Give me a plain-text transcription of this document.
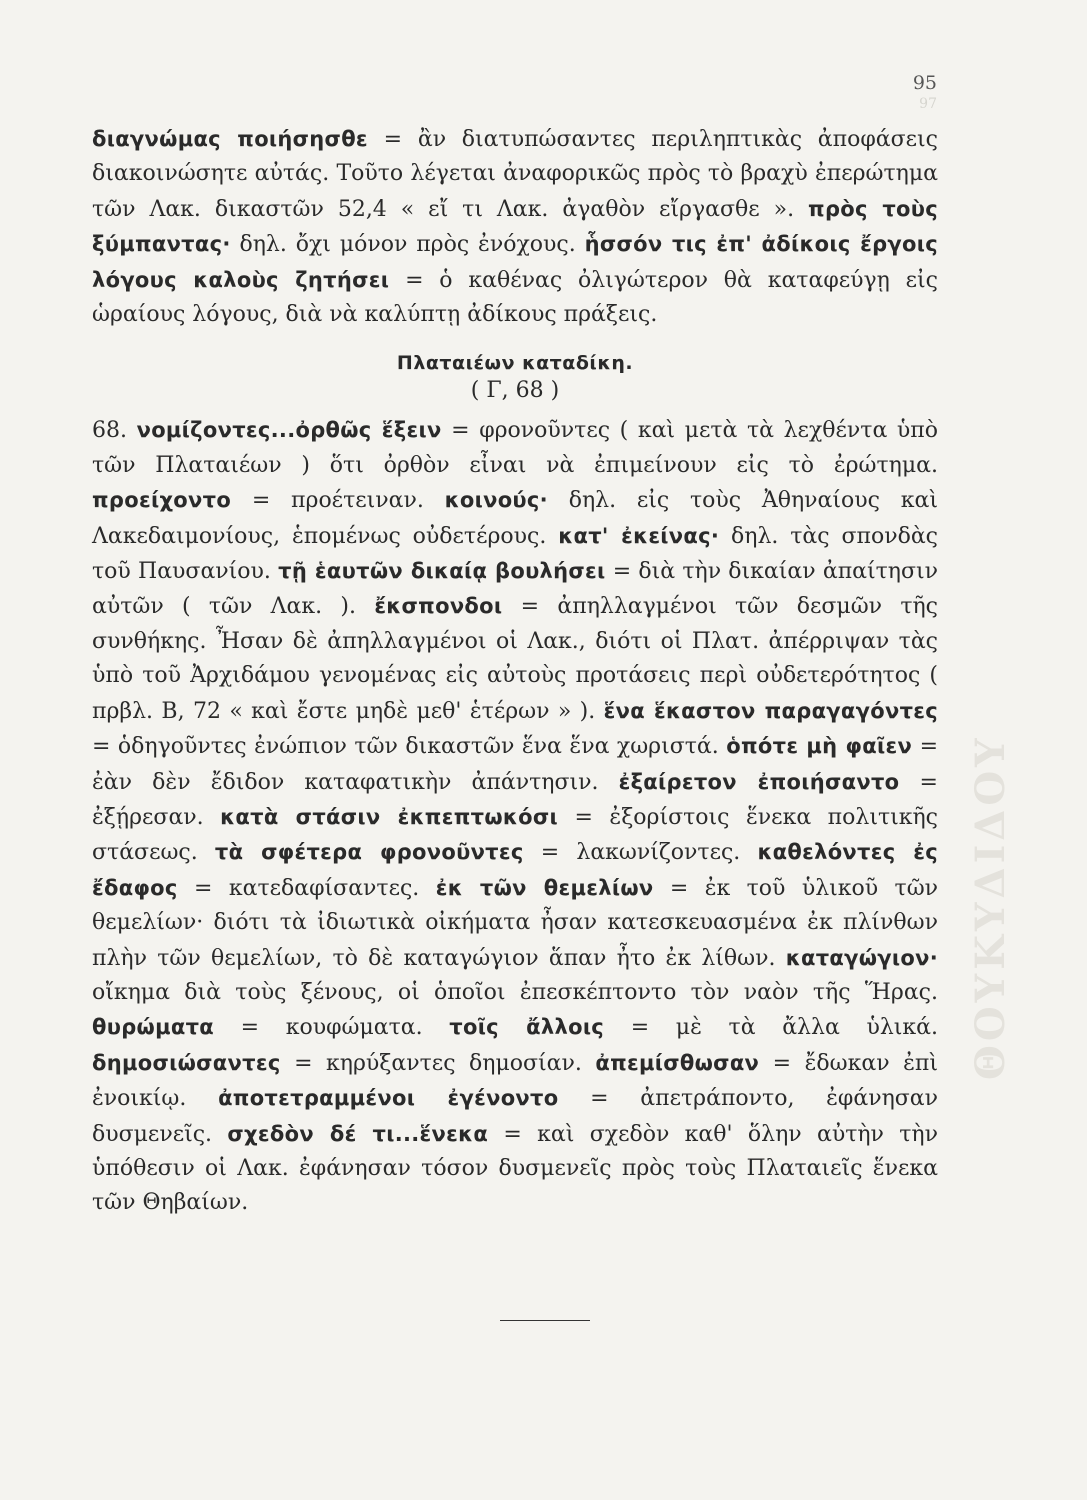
95
97
ΘΟΥΚΥΔΙΔΟΥ

διαγνώμας ποιήσησθε = ἂν διατυπώσαντες περιληπτικὰς ἀποφάσεις διακοινώσητε αὐτάς. Τοῦτο λέγεται ἀναφορικῶς πρὸς τὸ βραχὺ ἐπερώτημα τῶν Λακ. δικαστῶν 52,4 « εἴ τι Λακ. ἀγαθὸν εἴργασθε ». πρὸς τοὺς ξύμπαντας· δηλ. ὄχι μόνον πρὸς ἐνόχους. ἧσσόν τις ἐπ' ἀδίκοις ἔργοις λόγους καλοὺς ζητήσει = ὁ καθένας ὀλιγώτερον θὰ καταφεύγῃ εἰς ὡραίους λόγους, διὰ νὰ καλύπτῃ ἀδίκους πράξεις.

Πλαταιέων καταδίκη.
( Γ, 68 )

68. νομίζοντες...ὀρθῶς ἕξειν = φρονοῦντες ( καὶ μετὰ τὰ λεχθέντα ὑπὸ τῶν Πλαταιέων ) ὅτι ὀρθὸν εἶναι νὰ ἐπιμείνουν εἰς τὸ ἐρώτημα. προείχοντο = προέτειναν. κοινούς· δηλ. εἰς τοὺς Ἀθηναίους καὶ Λακεδαιμονίους, ἑπομένως οὐδετέρους. κατ' ἐκείνας· δηλ. τὰς σπονδὰς τοῦ Παυσανίου. τῇ ἑαυτῶν δικαίᾳ βουλήσει = διὰ τὴν δικαίαν ἀπαίτησιν αὐτῶν ( τῶν Λακ. ). ἔκσπονδοι = ἀπηλλαγμένοι τῶν δεσμῶν τῆς συνθήκης. Ἦσαν δὲ ἀπηλλαγμένοι οἱ Λακ., διότι οἱ Πλατ. ἀπέρριψαν τὰς ὑπὸ τοῦ Ἀρχιδάμου γενομένας εἰς αὐτοὺς προτάσεις περὶ οὐδετερότητος ( πρβλ. Β, 72 « καὶ ἔστε μηδὲ μεθ' ἑτέρων » ). ἕνα ἕκαστον παραγαγόντες = ὁδηγοῦντες ἐνώπιον τῶν δικαστῶν ἕνα ἕνα χωριστά. ὁπότε μὴ φαῖεν = ἐὰν δὲν ἔδιδον καταφατικὴν ἀπάντησιν. ἐξαίρετον ἐποιήσαντο = ἐξῄρεσαν. κατὰ στάσιν ἐκπεπτωκόσι = ἐξορίστοις ἕνεκα πολιτικῆς στάσεως. τὰ σφέτερα φρονοῦντες = λακωνίζοντες. καθελόντες ἐς ἔδαφος = κατεδαφίσαντες. ἐκ τῶν θεμελίων = ἐκ τοῦ ὑλικοῦ τῶν θεμελίων· διότι τὰ ἰδιωτικὰ οἰκήματα ἦσαν κατεσκευασμένα ἐκ πλίνθων πλὴν τῶν θεμελίων, τὸ δὲ καταγώγιον ἅπαν ἦτο ἐκ λίθων. καταγώγιον· οἴκημα διὰ τοὺς ξένους, οἱ ὁποῖοι ἐπεσκέπτοντο τὸν ναὸν τῆς Ἥρας. θυρώματα = κουφώματα. τοῖς ἄλλοις = μὲ τὰ ἄλλα ὑλικά. δημοσιώσαντες = κηρύξαντες δημοσίαν. ἀπεμίσθωσαν = ἔδωκαν ἐπὶ ἐνοικίῳ. ἀποτετραμμένοι ἐγένοντο = ἀπετράποντο, ἐφάνησαν δυσμενεῖς. σχεδὸν δέ τι...ἕνεκα = καὶ σχεδὸν καθ' ὅλην αὐτὴν τὴν ὑπόθεσιν οἱ Λακ. ἐφάνησαν τόσον δυσμενεῖς πρὸς τοὺς Πλαταιεῖς ἕνεκα τῶν Θηβαίων.
